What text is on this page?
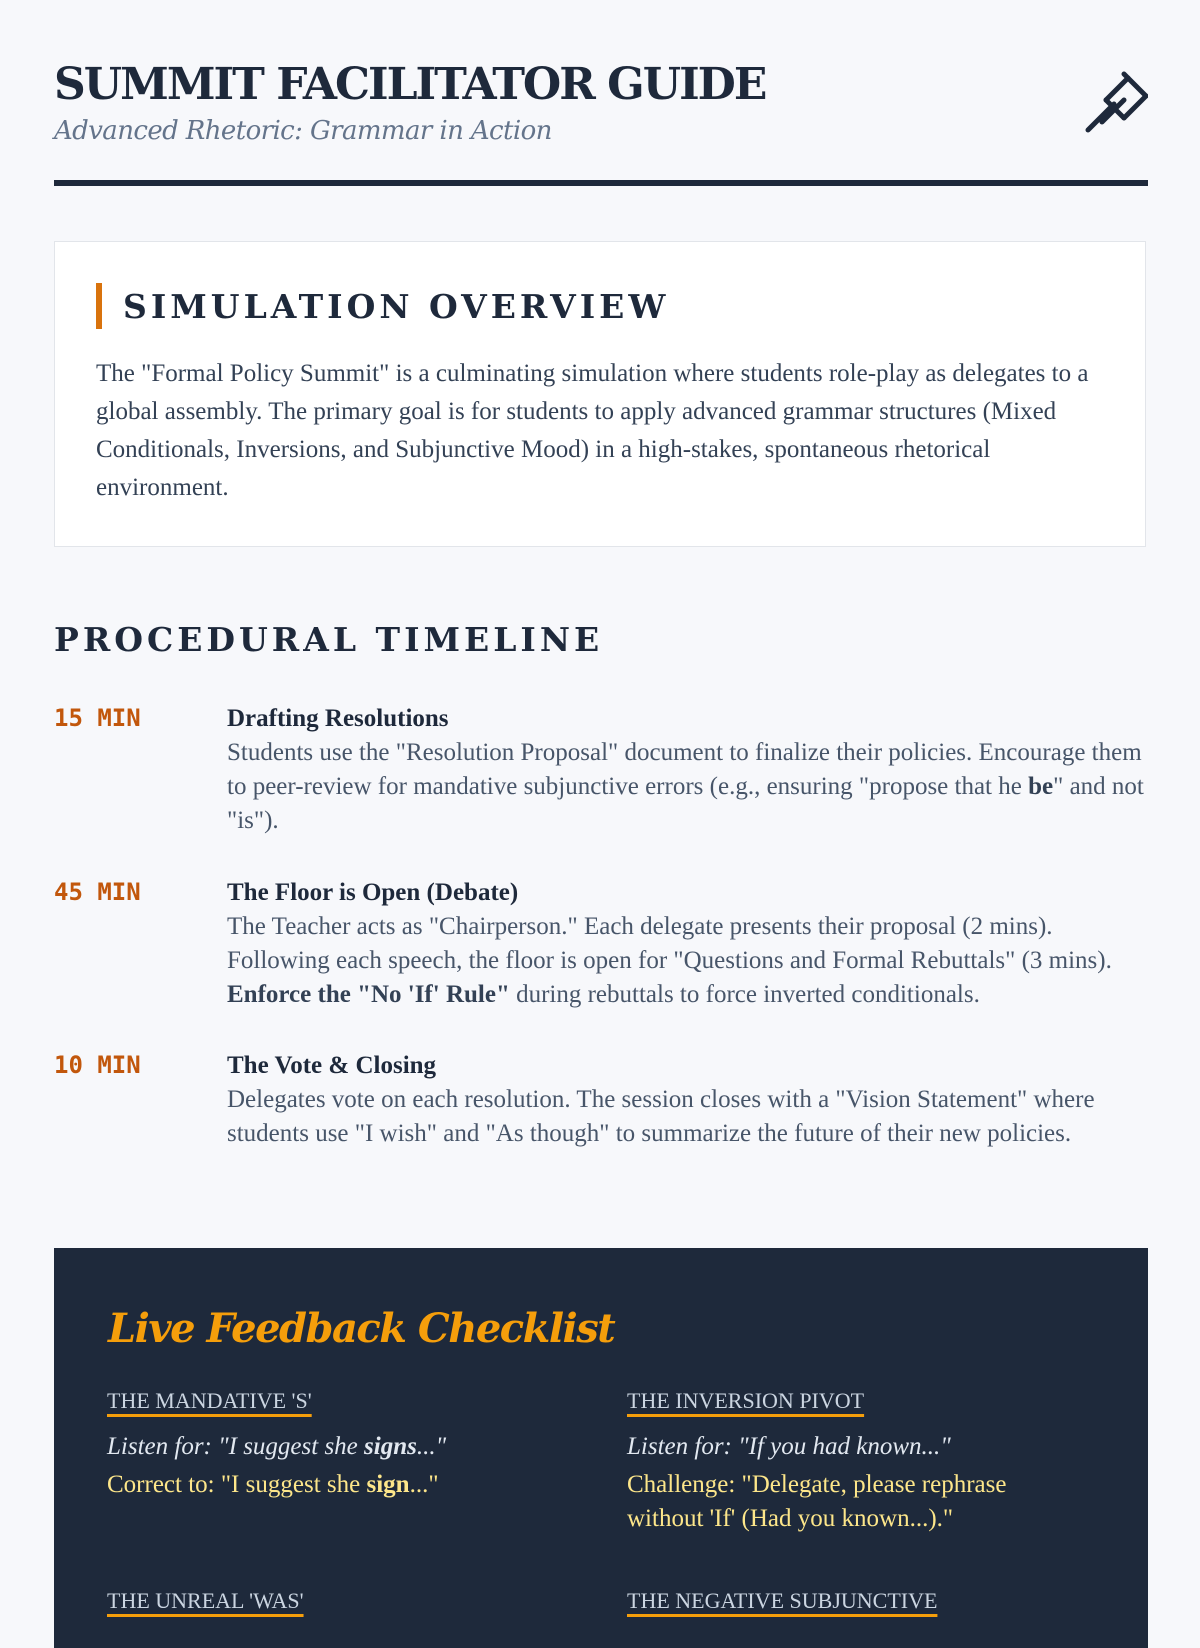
SUMMIT FACILITATOR GUIDE
Advanced Rhetoric: Grammar in Action
SIMULATION OVERVIEW
The "Formal Policy Summit" is a culminating simulation where students role-play as delegates to a global assembly. The primary goal is for students to apply advanced grammar structures (Mixed Conditionals, Inversions, and Subjunctive Mood) in a high-stakes, spontaneous rhetorical environment.
PROCEDURAL TIMELINE
15 MIN	Drafting Resolutions
Students use the "Resolution Proposal" document to finalize their policies. Encourage them to peer-review for mandative subjunctive errors (e.g., ensuring "propose that he be" and not "is").
45 MIN	The Floor is Open (Debate)
The Teacher acts as "Chairperson." Each delegate presents their proposal (2 mins). Following each speech, the floor is open for "Questions and Formal Rebuttals" (3 mins). Enforce the "No 'If' Rule" during rebuttals to force inverted conditionals.
10 MIN	The Vote & Closing
Delegates vote on each resolution. The session closes with a "Vision Statement" where students use "I wish" and "As though" to summarize the future of their new policies.
Live Feedback Checklist
THE MANDATIVE 'S'
Listen for: "I suggest she signs..."
Correct to: "I suggest she sign..."
THE INVERSION PIVOT
Listen for: "If you had known..."
Challenge: "Delegate, please rephrase without 'If' (Had you known...)."
THE UNREAL 'WAS'	THE NEGATIVE SUBJUNCTIVE
